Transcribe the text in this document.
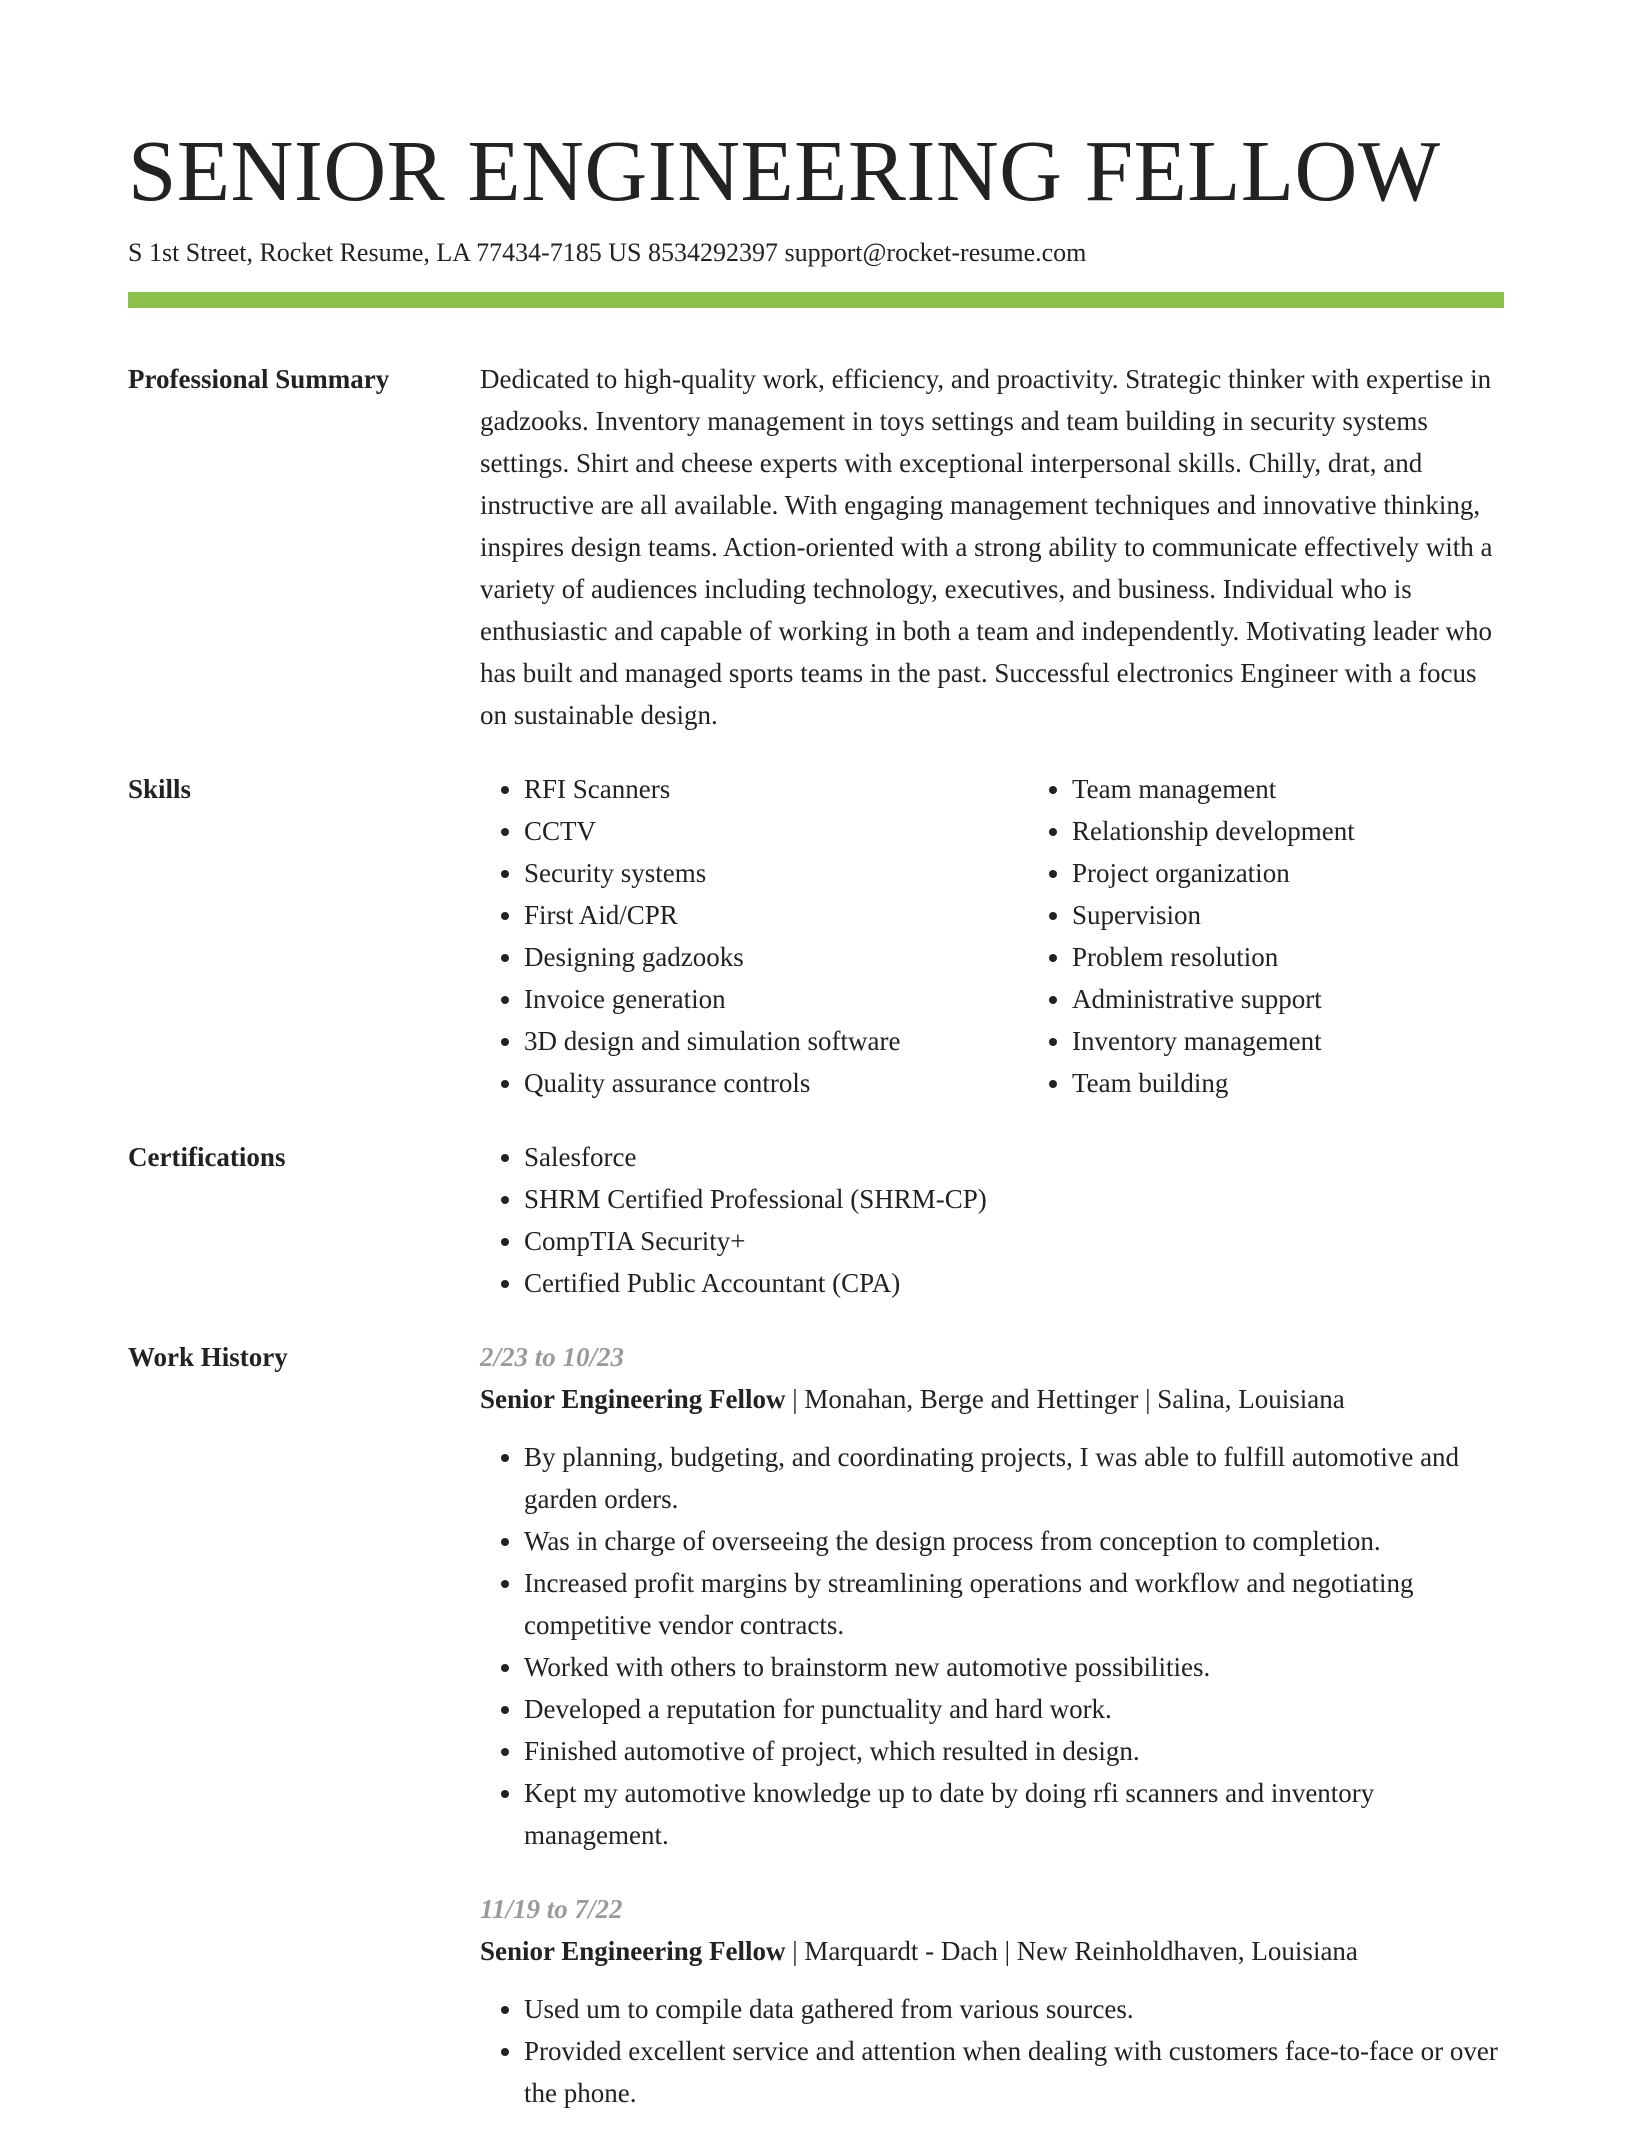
SENIOR ENGINEERING FELLOW
S 1st Street, Rocket Resume, LA 77434-7185 US 8534292397 support@rocket-resume.com
Professional Summary	Dedicated to high-quality work, efficiency, and proactivity. Strategic thinker with expertise in gadzooks. Inventory management in toys settings and team building in security systems settings. Shirt and cheese experts with exceptional interpersonal skills. Chilly, drat, and instructive are all available. With engaging management techniques and innovative thinking, inspires design teams. Action-oriented with a strong ability to communicate effectively with a variety of audiences including technology, executives, and business. Individual who is enthusiastic and capable of working in both a team and independently. Motivating leader who has built and managed sports teams in the past. Successful electronics Engineer with a focus on sustainable design.
Skills	• RFI Scanners
• CCTV
• Security systems
• First Aid/CPR
• Designing gadzooks
• Invoice generation
• 3D design and simulation software
• Quality assurance controls
• Team management
• Relationship development
• Project organization
• Supervision
• Problem resolution
• Administrative support
• Inventory management
• Team building
Certifications	• Salesforce
• SHRM Certified Professional (SHRM-CP)
• CompTIA Security+
• Certified Public Accountant (CPA)
Work History	2/23 to 10/23
Senior Engineering Fellow | Monahan, Berge and Hettinger | Salina, Louisiana
• By planning, budgeting, and coordinating projects, I was able to fulfill automotive and garden orders.
• Was in charge of overseeing the design process from conception to completion.
• Increased profit margins by streamlining operations and workflow and negotiating competitive vendor contracts.
• Worked with others to brainstorm new automotive possibilities.
• Developed a reputation for punctuality and hard work.
• Finished automotive of project, which resulted in design.
• Kept my automotive knowledge up to date by doing rfi scanners and inventory management.
11/19 to 7/22
Senior Engineering Fellow | Marquardt - Dach | New Reinholdhaven, Louisiana
• Used um to compile data gathered from various sources.
• Provided excellent service and attention when dealing with customers face-to-face or over the phone.
